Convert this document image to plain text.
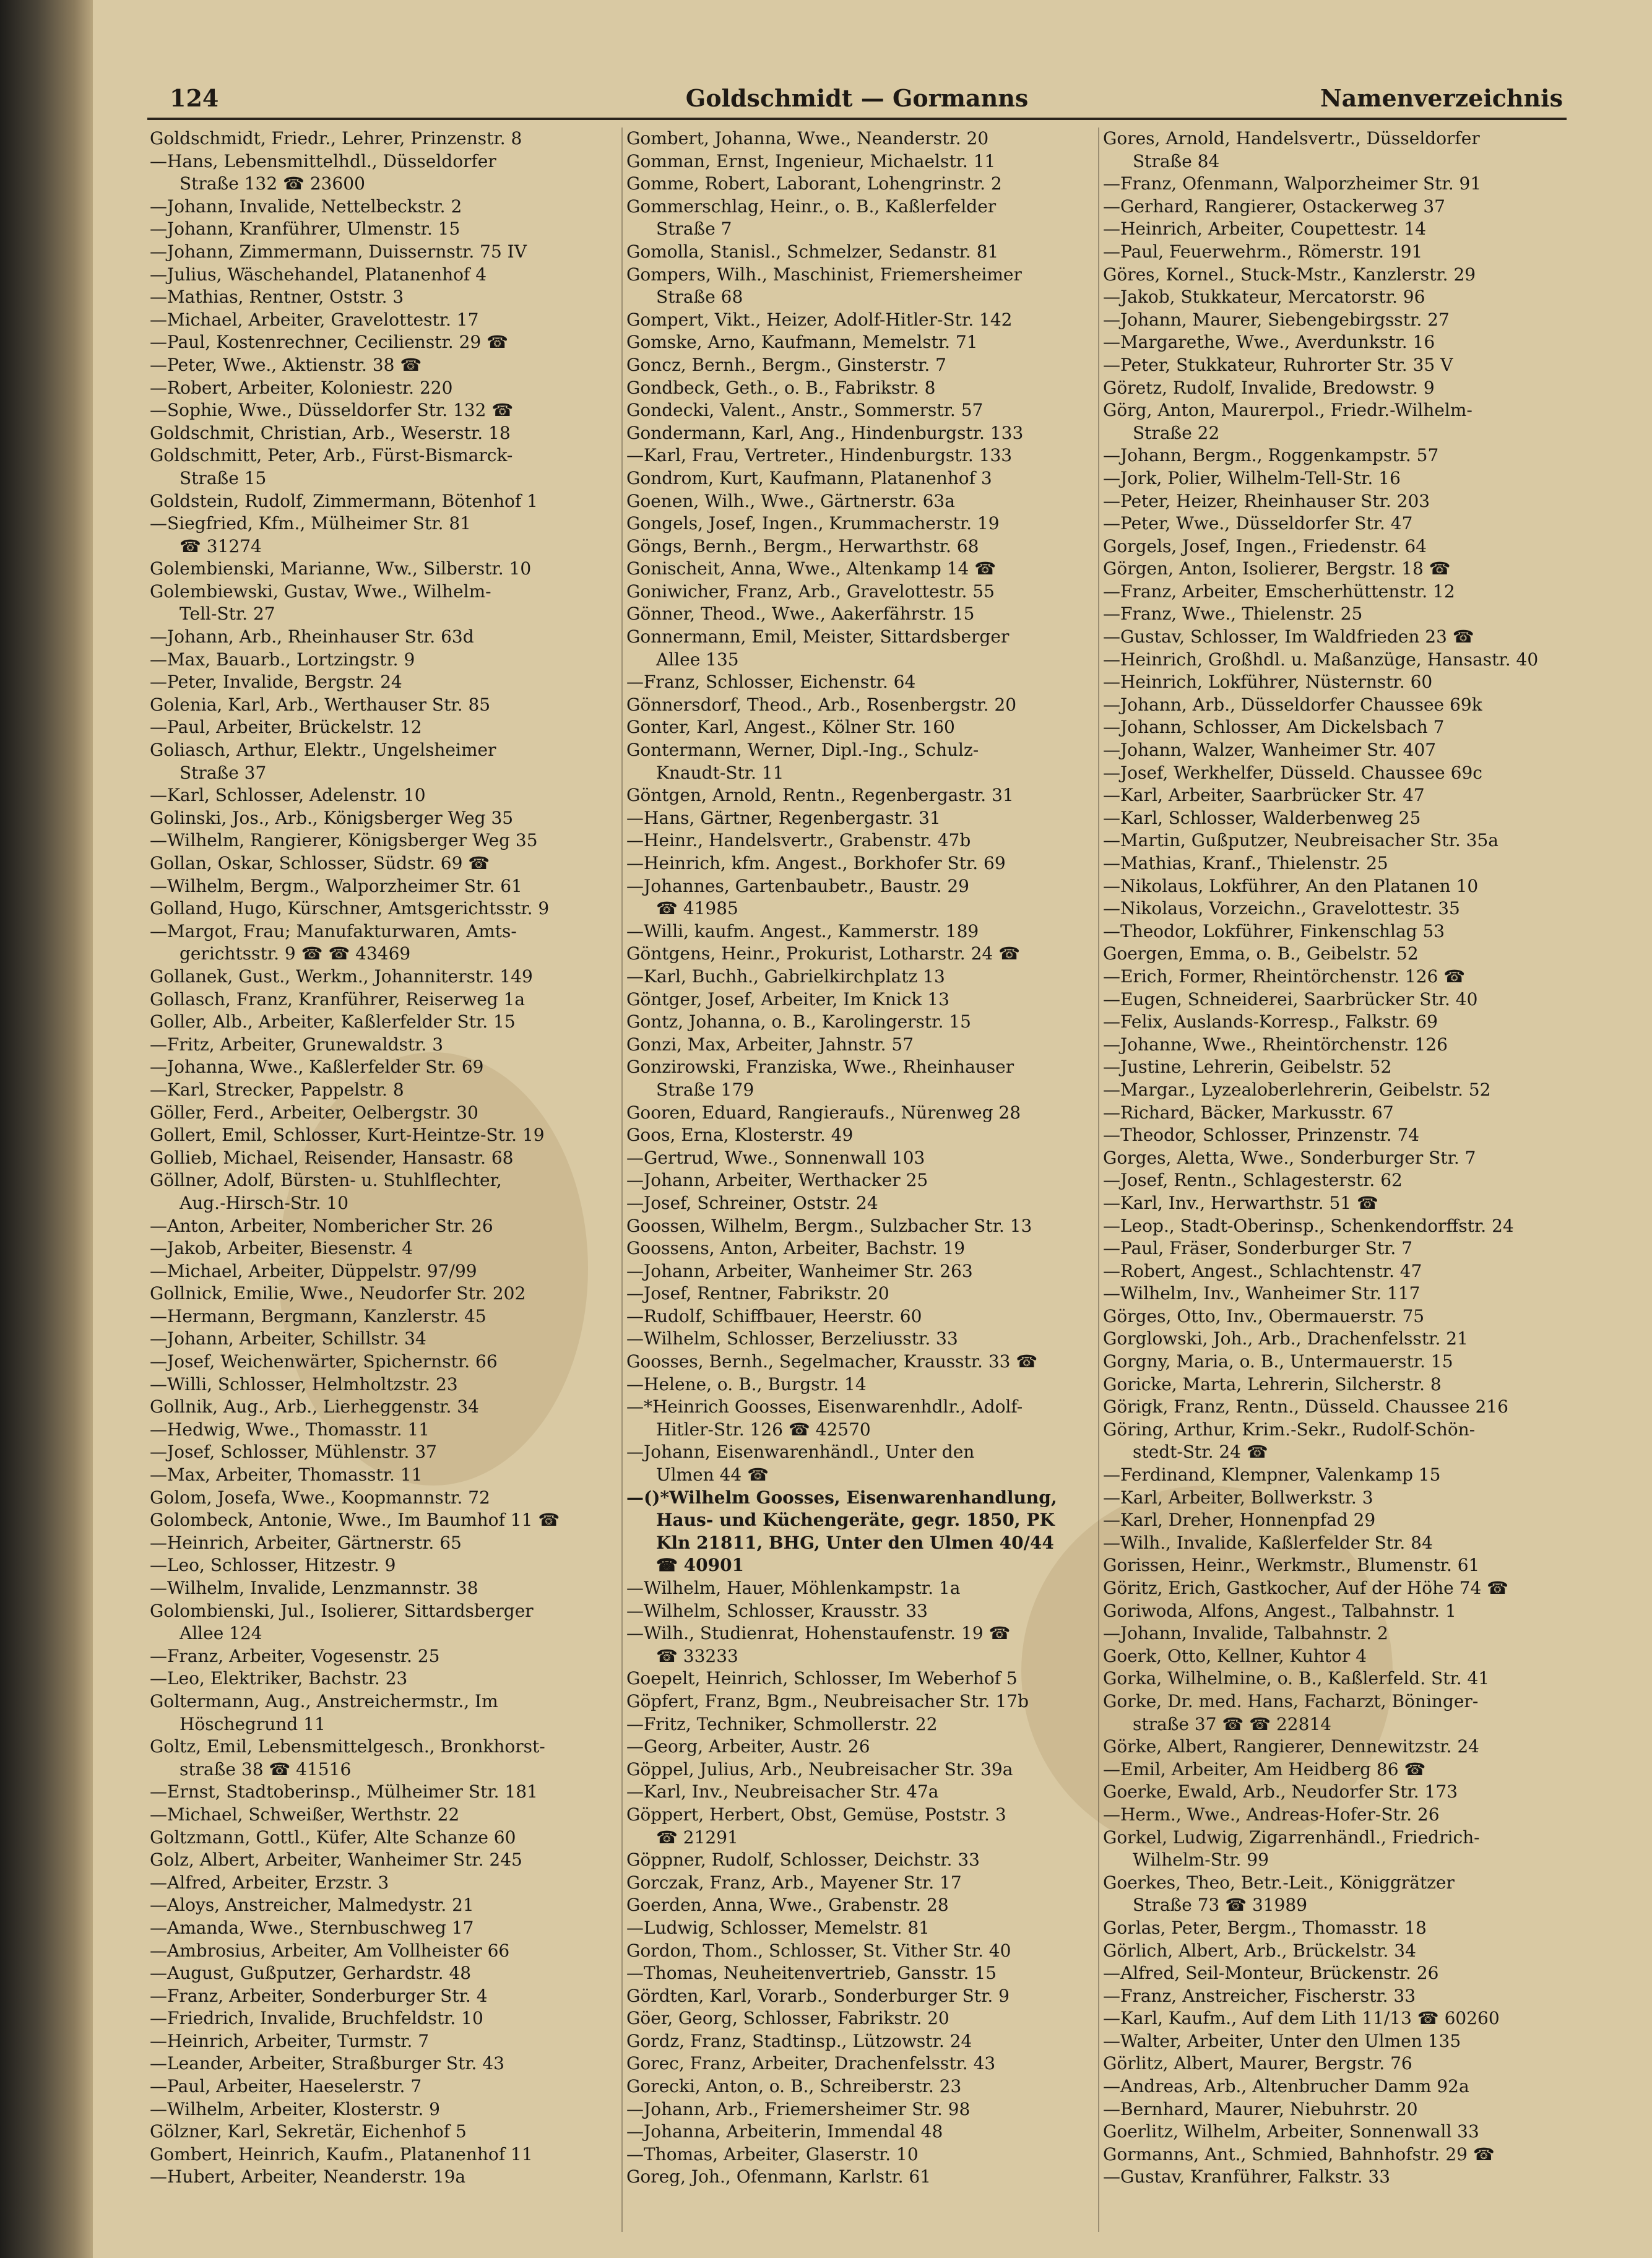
124	Goldschmidt — Gormanns	Namenverzeichnis
Goldschmidt, Friedr., Lehrer, Prinzenstr. 8
—Hans, Lebensmittelhdl., Düsseldorfer
Straße 132 ☎ 23600
—Johann, Invalide, Nettelbeckstr. 2
—Johann, Kranführer, Ulmenstr. 15
—Johann, Zimmermann, Duissernstr. 75 IV
—Julius, Wäschehandel, Platanenhof 4
—Mathias, Rentner, Oststr. 3
—Michael, Arbeiter, Gravelottestr. 17
—Paul, Kostenrechner, Cecilienstr. 29 ☎
—Peter, Wwe., Aktienstr. 38 ☎
—Robert, Arbeiter, Koloniestr. 220
—Sophie, Wwe., Düsseldorfer Str. 132 ☎
Goldschmit, Christian, Arb., Weserstr. 18
Goldschmitt, Peter, Arb., Fürst-Bismarck-
Straße 15
Goldstein, Rudolf, Zimmermann, Bötenhof 1
—Siegfried, Kfm., Mülheimer Str. 81
☎ 31274
Golembienski, Marianne, Ww., Silberstr. 10
Golembiewski, Gustav, Wwe., Wilhelm-
Tell-Str. 27
—Johann, Arb., Rheinhauser Str. 63d
—Max, Bauarb., Lortzingstr. 9
—Peter, Invalide, Bergstr. 24
Golenia, Karl, Arb., Werthauser Str. 85
—Paul, Arbeiter, Brückelstr. 12
Goliasch, Arthur, Elektr., Ungelsheimer
Straße 37
—Karl, Schlosser, Adelenstr. 10
Golinski, Jos., Arb., Königsberger Weg 35
—Wilhelm, Rangierer, Königsberger Weg 35
Gollan, Oskar, Schlosser, Südstr. 69 ☎
—Wilhelm, Bergm., Walporzheimer Str. 61
Golland, Hugo, Kürschner, Amtsgerichtsstr. 9
—Margot, Frau; Manufakturwaren, Amts-
gerichtsstr. 9 ☎ ☎ 43469
Gollanek, Gust., Werkm., Johanniterstr. 149
Gollasch, Franz, Kranführer, Reiserweg 1a
Goller, Alb., Arbeiter, Kaßlerfelder Str. 15
—Fritz, Arbeiter, Grunewaldstr. 3
—Johanna, Wwe., Kaßlerfelder Str. 69
—Karl, Strecker, Pappelstr. 8
Göller, Ferd., Arbeiter, Oelbergstr. 30
Gollert, Emil, Schlosser, Kurt-Heintze-Str. 19
Gollieb, Michael, Reisender, Hansastr. 68
Göllner, Adolf, Bürsten- u. Stuhlflechter,
Aug.-Hirsch-Str. 10
—Anton, Arbeiter, Nombericher Str. 26
—Jakob, Arbeiter, Biesenstr. 4
—Michael, Arbeiter, Düppelstr. 97/99
Gollnick, Emilie, Wwe., Neudorfer Str. 202
—Hermann, Bergmann, Kanzlerstr. 45
—Johann, Arbeiter, Schillstr. 34
—Josef, Weichenwärter, Spichernstr. 66
—Willi, Schlosser, Helmholtzstr. 23
Gollnik, Aug., Arb., Lierheggenstr. 34
—Hedwig, Wwe., Thomasstr. 11
—Josef, Schlosser, Mühlenstr. 37
—Max, Arbeiter, Thomasstr. 11
Golom, Josefa, Wwe., Koopmannstr. 72
Golombeck, Antonie, Wwe., Im Baumhof 11 ☎
—Heinrich, Arbeiter, Gärtnerstr. 65
—Leo, Schlosser, Hitzestr. 9
—Wilhelm, Invalide, Lenzmannstr. 38
Golombienski, Jul., Isolierer, Sittardsberger
Allee 124
—Franz, Arbeiter, Vogesenstr. 25
—Leo, Elektriker, Bachstr. 23
Goltermann, Aug., Anstreichermstr., Im
Höschegrund 11
Goltz, Emil, Lebensmittelgesch., Bronkhorst-
straße 38 ☎ 41516
—Ernst, Stadtoberinsp., Mülheimer Str. 181
—Michael, Schweißer, Werthstr. 22
Goltzmann, Gottl., Küfer, Alte Schanze 60
Golz, Albert, Arbeiter, Wanheimer Str. 245
—Alfred, Arbeiter, Erzstr. 3
—Aloys, Anstreicher, Malmedystr. 21
—Amanda, Wwe., Sternbuschweg 17
—Ambrosius, Arbeiter, Am Vollheister 66
—August, Gußputzer, Gerhardstr. 48
—Franz, Arbeiter, Sonderburger Str. 4
—Friedrich, Invalide, Bruchfeldstr. 10
—Heinrich, Arbeiter, Turmstr. 7
—Leander, Arbeiter, Straßburger Str. 43
—Paul, Arbeiter, Haeselerstr. 7
—Wilhelm, Arbeiter, Klosterstr. 9
Gölzner, Karl, Sekretär, Eichenhof 5
Gombert, Heinrich, Kaufm., Platanenhof 11
—Hubert, Arbeiter, Neanderstr. 19a
Gombert, Johanna, Wwe., Neanderstr. 20
Gomman, Ernst, Ingenieur, Michaelstr. 11
Gomme, Robert, Laborant, Lohengrinstr. 2
Gommerschlag, Heinr., o. B., Kaßlerfelder
Straße 7
Gomolla, Stanisl., Schmelzer, Sedanstr. 81
Gompers, Wilh., Maschinist, Friemersheimer
Straße 68
Gompert, Vikt., Heizer, Adolf-Hitler-Str. 142
Gomske, Arno, Kaufmann, Memelstr. 71
Goncz, Bernh., Bergm., Ginsterstr. 7
Gondbeck, Geth., o. B., Fabrikstr. 8
Gondecki, Valent., Anstr., Sommerstr. 57
Gondermann, Karl, Ang., Hindenburgstr. 133
—Karl, Frau, Vertreter., Hindenburgstr. 133
Gondrom, Kurt, Kaufmann, Platanenhof 3
Goenen, Wilh., Wwe., Gärtnerstr. 63a
Gongels, Josef, Ingen., Krummacherstr. 19
Göngs, Bernh., Bergm., Herwarthstr. 68
Gonischeit, Anna, Wwe., Altenkamp 14 ☎
Goniwicher, Franz, Arb., Gravelottestr. 55
Gönner, Theod., Wwe., Aakerfährstr. 15
Gonnermann, Emil, Meister, Sittardsberger
Allee 135
—Franz, Schlosser, Eichenstr. 64
Gönnersdorf, Theod., Arb., Rosenbergstr. 20
Gonter, Karl, Angest., Kölner Str. 160
Gontermann, Werner, Dipl.-Ing., Schulz-
Knaudt-Str. 11
Göntgen, Arnold, Rentn., Regenbergastr. 31
—Hans, Gärtner, Regenbergastr. 31
—Heinr., Handelsvertr., Grabenstr. 47b
—Heinrich, kfm. Angest., Borkhofer Str. 69
—Johannes, Gartenbaubetr., Baustr. 29
☎ 41985
—Willi, kaufm. Angest., Kammerstr. 189
Göntgens, Heinr., Prokurist, Lotharstr. 24 ☎
—Karl, Buchh., Gabrielkirchplatz 13
Göntger, Josef, Arbeiter, Im Knick 13
Gontz, Johanna, o. B., Karolingerstr. 15
Gonzi, Max, Arbeiter, Jahnstr. 57
Gonzirowski, Franziska, Wwe., Rheinhauser
Straße 179
Gooren, Eduard, Rangieraufs., Nürenweg 28
Goos, Erna, Klosterstr. 49
—Gertrud, Wwe., Sonnenwall 103
—Johann, Arbeiter, Werthacker 25
—Josef, Schreiner, Oststr. 24
Goossen, Wilhelm, Bergm., Sulzbacher Str. 13
Goossens, Anton, Arbeiter, Bachstr. 19
—Johann, Arbeiter, Wanheimer Str. 263
—Josef, Rentner, Fabrikstr. 20
—Rudolf, Schiffbauer, Heerstr. 60
—Wilhelm, Schlosser, Berzeliusstr. 33
Goosses, Bernh., Segelmacher, Krausstr. 33 ☎
—Helene, o. B., Burgstr. 14
—*Heinrich Goosses, Eisenwarenhdlr., Adolf-
Hitler-Str. 126 ☎ 42570
—Johann, Eisenwarenhändl., Unter den
Ulmen 44 ☎
—()*Wilhelm Goosses, Eisenwarenhandlung,
Haus- und Küchengeräte, gegr. 1850, PK
Kln 21811, BHG, Unter den Ulmen 40/44
☎ 40901
—Wilhelm, Hauer, Möhlenkampstr. 1a
—Wilhelm, Schlosser, Krausstr. 33
—Wilh., Studienrat, Hohenstaufenstr. 19 ☎
☎ 33233
Goepelt, Heinrich, Schlosser, Im Weberhof 5
Göpfert, Franz, Bgm., Neubreisacher Str. 17b
—Fritz, Techniker, Schmollerstr. 22
—Georg, Arbeiter, Austr. 26
Göppel, Julius, Arb., Neubreisacher Str. 39a
—Karl, Inv., Neubreisacher Str. 47a
Göppert, Herbert, Obst, Gemüse, Poststr. 3
☎ 21291
Göppner, Rudolf, Schlosser, Deichstr. 33
Gorczak, Franz, Arb., Mayener Str. 17
Goerden, Anna, Wwe., Grabenstr. 28
—Ludwig, Schlosser, Memelstr. 81
Gordon, Thom., Schlosser, St. Vither Str. 40
—Thomas, Neuheitenvertrieb, Gansstr. 15
Gördten, Karl, Vorarb., Sonderburger Str. 9
Göer, Georg, Schlosser, Fabrikstr. 20
Gordz, Franz, Stadtinsp., Lützowstr. 24
Gorec, Franz, Arbeiter, Drachenfelsstr. 43
Gorecki, Anton, o. B., Schreiberstr. 23
—Johann, Arb., Friemersheimer Str. 98
—Johanna, Arbeiterin, Immendal 48
—Thomas, Arbeiter, Glaserstr. 10
Goreg, Joh., Ofenmann, Karlstr. 61
Gores, Arnold, Handelsvertr., Düsseldorfer
Straße 84
—Franz, Ofenmann, Walporzheimer Str. 91
—Gerhard, Rangierer, Ostackerweg 37
—Heinrich, Arbeiter, Coupettestr. 14
—Paul, Feuerwehrm., Römerstr. 191
Göres, Kornel., Stuck-Mstr., Kanzlerstr. 29
—Jakob, Stukkateur, Mercatorstr. 96
—Johann, Maurer, Siebengebirgsstr. 27
—Margarethe, Wwe., Averdunkstr. 16
—Peter, Stukkateur, Ruhrorter Str. 35 V
Göretz, Rudolf, Invalide, Bredowstr. 9
Görg, Anton, Maurerpol., Friedr.-Wilhelm-
Straße 22
—Johann, Bergm., Roggenkampstr. 57
—Jork, Polier, Wilhelm-Tell-Str. 16
—Peter, Heizer, Rheinhauser Str. 203
—Peter, Wwe., Düsseldorfer Str. 47
Gorgels, Josef, Ingen., Friedenstr. 64
Görgen, Anton, Isolierer, Bergstr. 18 ☎
—Franz, Arbeiter, Emscherhüttenstr. 12
—Franz, Wwe., Thielenstr. 25
—Gustav, Schlosser, Im Waldfrieden 23 ☎
—Heinrich, Großhdl. u. Maßanzüge, Hansastr. 40
—Heinrich, Lokführer, Nüsternstr. 60
—Johann, Arb., Düsseldorfer Chaussee 69k
—Johann, Schlosser, Am Dickelsbach 7
—Johann, Walzer, Wanheimer Str. 407
—Josef, Werkhelfer, Düsseld. Chaussee 69c
—Karl, Arbeiter, Saarbrücker Str. 47
—Karl, Schlosser, Walderbenweg 25
—Martin, Gußputzer, Neubreisacher Str. 35a
—Mathias, Kranf., Thielenstr. 25
—Nikolaus, Lokführer, An den Platanen 10
—Nikolaus, Vorzeichn., Gravelottestr. 35
—Theodor, Lokführer, Finkenschlag 53
Goergen, Emma, o. B., Geibelstr. 52
—Erich, Former, Rheintörchenstr. 126 ☎
—Eugen, Schneiderei, Saarbrücker Str. 40
—Felix, Auslands-Korresp., Falkstr. 69
—Johanne, Wwe., Rheintörchenstr. 126
—Justine, Lehrerin, Geibelstr. 52
—Margar., Lyzealoberlehrerin, Geibelstr. 52
—Richard, Bäcker, Markusstr. 67
—Theodor, Schlosser, Prinzenstr. 74
Gorges, Aletta, Wwe., Sonderburger Str. 7
—Josef, Rentn., Schlagesterstr. 62
—Karl, Inv., Herwarthstr. 51 ☎
—Leop., Stadt-Oberinsp., Schenkendorffstr. 24
—Paul, Fräser, Sonderburger Str. 7
—Robert, Angest., Schlachtenstr. 47
—Wilhelm, Inv., Wanheimer Str. 117
Görges, Otto, Inv., Obermauerstr. 75
Gorglowski, Joh., Arb., Drachenfelsstr. 21
Gorgny, Maria, o. B., Untermauerstr. 15
Goricke, Marta, Lehrerin, Silcherstr. 8
Görigk, Franz, Rentn., Düsseld. Chaussee 216
Göring, Arthur, Krim.-Sekr., Rudolf-Schön-
stedt-Str. 24 ☎
—Ferdinand, Klempner, Valenkamp 15
—Karl, Arbeiter, Bollwerkstr. 3
—Karl, Dreher, Honnenpfad 29
—Wilh., Invalide, Kaßlerfelder Str. 84
Gorissen, Heinr., Werkmstr., Blumenstr. 61
Göritz, Erich, Gastkocher, Auf der Höhe 74 ☎
Goriwoda, Alfons, Angest., Talbahnstr. 1
—Johann, Invalide, Talbahnstr. 2
Goerk, Otto, Kellner, Kuhtor 4
Gorka, Wilhelmine, o. B., Kaßlerfeld. Str. 41
Gorke, Dr. med. Hans, Facharzt, Böninger-
straße 37 ☎ ☎ 22814
Görke, Albert, Rangierer, Dennewitzstr. 24
—Emil, Arbeiter, Am Heidberg 86 ☎
Goerke, Ewald, Arb., Neudorfer Str. 173
—Herm., Wwe., Andreas-Hofer-Str. 26
Gorkel, Ludwig, Zigarrenhändl., Friedrich-
Wilhelm-Str. 99
Goerkes, Theo, Betr.-Leit., Königgrätzer
Straße 73 ☎ 31989
Gorlas, Peter, Bergm., Thomasstr. 18
Görlich, Albert, Arb., Brückelstr. 34
—Alfred, Seil-Monteur, Brückenstr. 26
—Franz, Anstreicher, Fischerstr. 33
—Karl, Kaufm., Auf dem Lith 11/13 ☎ 60260
—Walter, Arbeiter, Unter den Ulmen 135
Görlitz, Albert, Maurer, Bergstr. 76
—Andreas, Arb., Altenbrucher Damm 92a
—Bernhard, Maurer, Niebuhrstr. 20
Goerlitz, Wilhelm, Arbeiter, Sonnenwall 33
Gormanns, Ant., Schmied, Bahnhofstr. 29 ☎
—Gustav, Kranführer, Falkstr. 33
